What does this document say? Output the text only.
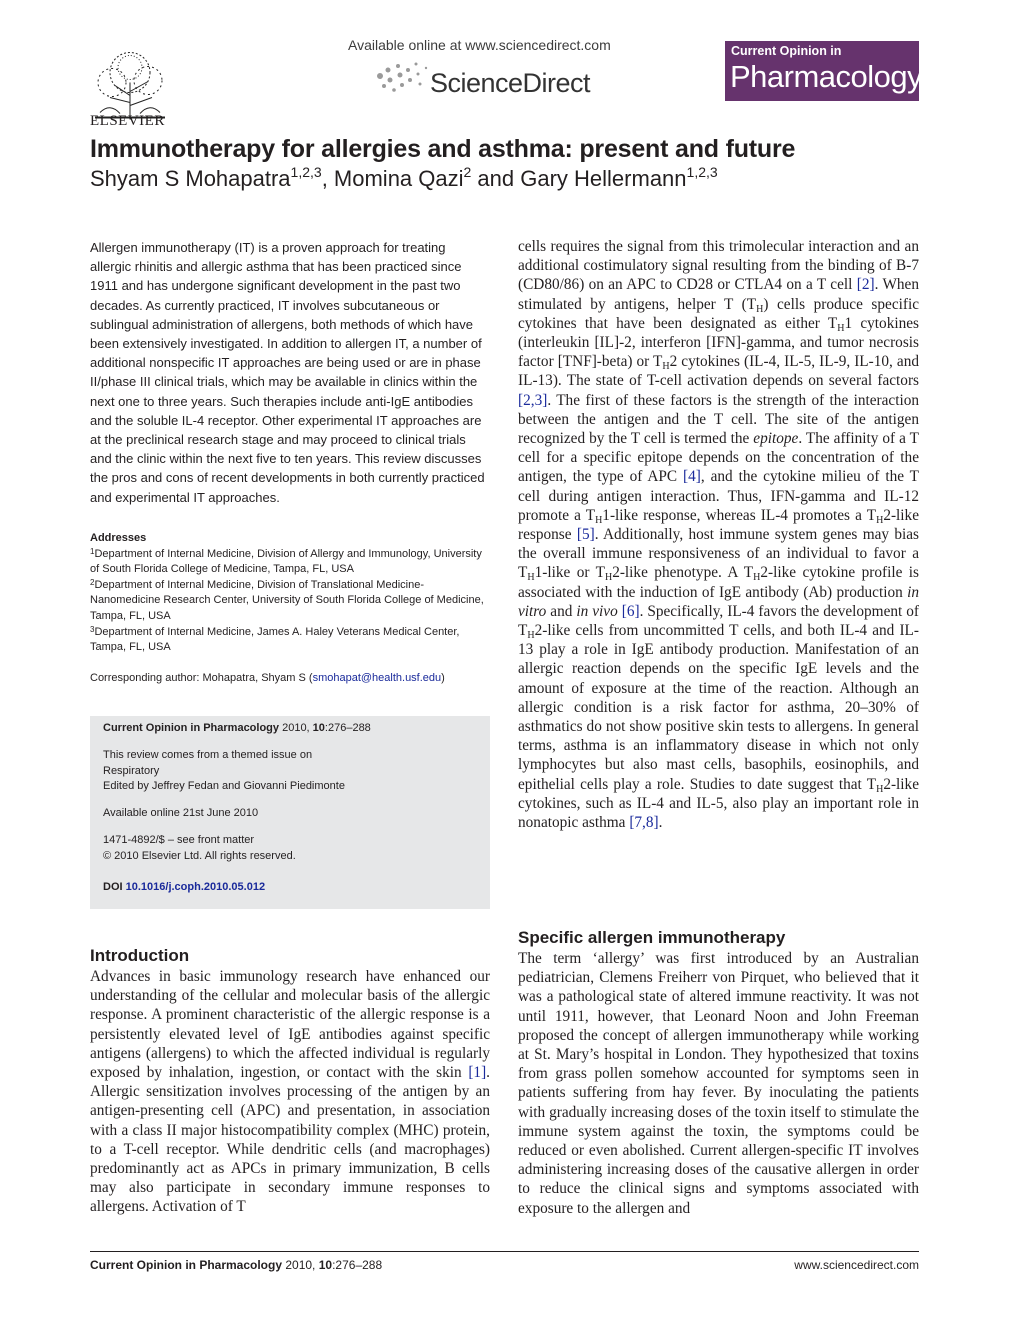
ELSEVIER
Available online at www.sciencedirect.com
ScienceDirect
Current Opinion in
Pharmacology
Immunotherapy for allergies and asthma: present and future
Shyam S Mohapatra$^{1,2,3}$, Momina Qazi$^2$ and Gary Hellermann$^{1,2,3}$
Allergen immunotherapy (IT) is a proven approach for treating allergic rhinitis and allergic asthma that has been practiced since 1911 and has undergone significant development in the past two decades. As currently practiced, IT involves subcutaneous or sublingual administration of allergens, both methods of which have been extensively investigated. In addition to allergen IT, a number of additional nonspecific IT approaches are being used or are in phase II/phase III clinical trials, which may be available in clinics within the next one to three years. Such therapies include anti-IgE antibodies and the soluble IL-4 receptor. Other experimental IT approaches are at the preclinical research stage and may proceed to clinical trials and the clinic within the next five to ten years. This review discusses the pros and cons of recent developments in both currently practiced and experimental IT approaches.
Addresses
$^1$Department of Internal Medicine, Division of Allergy and Immunology, University of South Florida College of Medicine, Tampa, FL, USA
$^2$Department of Internal Medicine, Division of Translational Medicine-Nanomedicine Research Center, University of South Florida College of Medicine, Tampa, FL, USA
$^3$Department of Internal Medicine, James A. Haley Veterans Medical Center, Tampa, FL, USA
Corresponding author: Mohapatra, Shyam S (smohapat@health.usf.edu)
Current Opinion in Pharmacology 2010, 10:276–288
This review comes from a themed issue on
Respiratory
Edited by Jeffrey Fedan and Giovanni Piedimonte
Available online 21st June 2010
1471-4892/$ – see front matter
© 2010 Elsevier Ltd. All rights reserved.
DOI 10.1016/j.coph.2010.05.012
Introduction
Advances in basic immunology research have enhanced our understanding of the cellular and molecular basis of the allergic response. A prominent characteristic of the allergic response is a persistently elevated level of IgE antibodies against specific antigens (allergens) to which the affected individual is regularly exposed by inhalation, ingestion, or contact with the skin [1]. Allergic sensitization involves processing of the antigen by an antigen-presenting cell (APC) and presentation, in association with a class II major histocompatibility complex (MHC) protein, to a T-cell receptor. While dendritic cells (and macrophages) predominantly act as APCs in primary immunization, B cells may also participate in secondary immune responses to allergens. Activation of T
cells requires the signal from this trimolecular interaction and an additional costimulatory signal resulting from the binding of B-7 (CD80/86) on an APC to CD28 or CTLA4 on a T cell [2]. When stimulated by antigens, helper T $(T_H)$ cells produce specific cytokines that have been designated as either $T_H1$ cytokines (interleukin [IL]-2, interferon [IFN]-gamma, and tumor necrosis factor [TNF]-beta) or $T_H2$ cytokines (IL-4, IL-5, IL-9, IL-10, and IL-13). The state of T-cell activation depends on several factors [2,3]. The first of these factors is the strength of the interaction between the antigen and the T cell. The site of the antigen recognized by the T cell is termed the epitope. The affinity of a T cell for a specific epitope depends on the concentration of the antigen, the type of APC [4], and the cytokine milieu of the T cell during antigen interaction. Thus, IFN-gamma and IL-12 promote a $T_H1$-like response, whereas IL-4 promotes a $T_H2$-like response [5]. Additionally, host immune system genes may bias the overall immune responsiveness of an individual to favor a $T_H1$-like or $T_H2$-like phenotype. A $T_H2$-like cytokine profile is associated with the induction of IgE antibody (Ab) production in vitro and in vivo [6]. Specifically, IL-4 favors the development of $T_H2$-like cells from uncommitted T cells, and both IL-4 and IL-13 play a role in IgE antibody production. Manifestation of an allergic reaction depends on the specific IgE levels and the amount of exposure at the time of the reaction. Although an allergic condition is a risk factor for asthma, 20–30% of asthmatics do not show positive skin tests to allergens. In general terms, asthma is an inflammatory disease in which not only lymphocytes but also mast cells, basophils, eosinophils, and epithelial cells play a role. Studies to date suggest that $T_H2$-like cytokines, such as IL-4 and IL-5, also play an important role in nonatopic asthma [7,8].
Specific allergen immunotherapy
The term ‘allergy’ was first introduced by an Australian pediatrician, Clemens Freiherr von Pirquet, who believed that it was a pathological state of altered immune reactivity. It was not until 1911, however, that Leonard Noon and John Freeman proposed the concept of allergen immunotherapy while working at St. Mary’s hospital in London. They hypothesized that toxins from grass pollen somehow accounted for symptoms seen in patients suffering from hay fever. By inoculating the patients with gradually increasing doses of the toxin itself to stimulate the immune system against the toxin, the symptoms could be reduced or even abolished. Current allergen-specific IT involves administering increasing doses of the causative allergen in order to reduce the clinical signs and symptoms associated with exposure to the allergen and
Current Opinion in Pharmacology 2010, 10:276–288	www.sciencedirect.com
